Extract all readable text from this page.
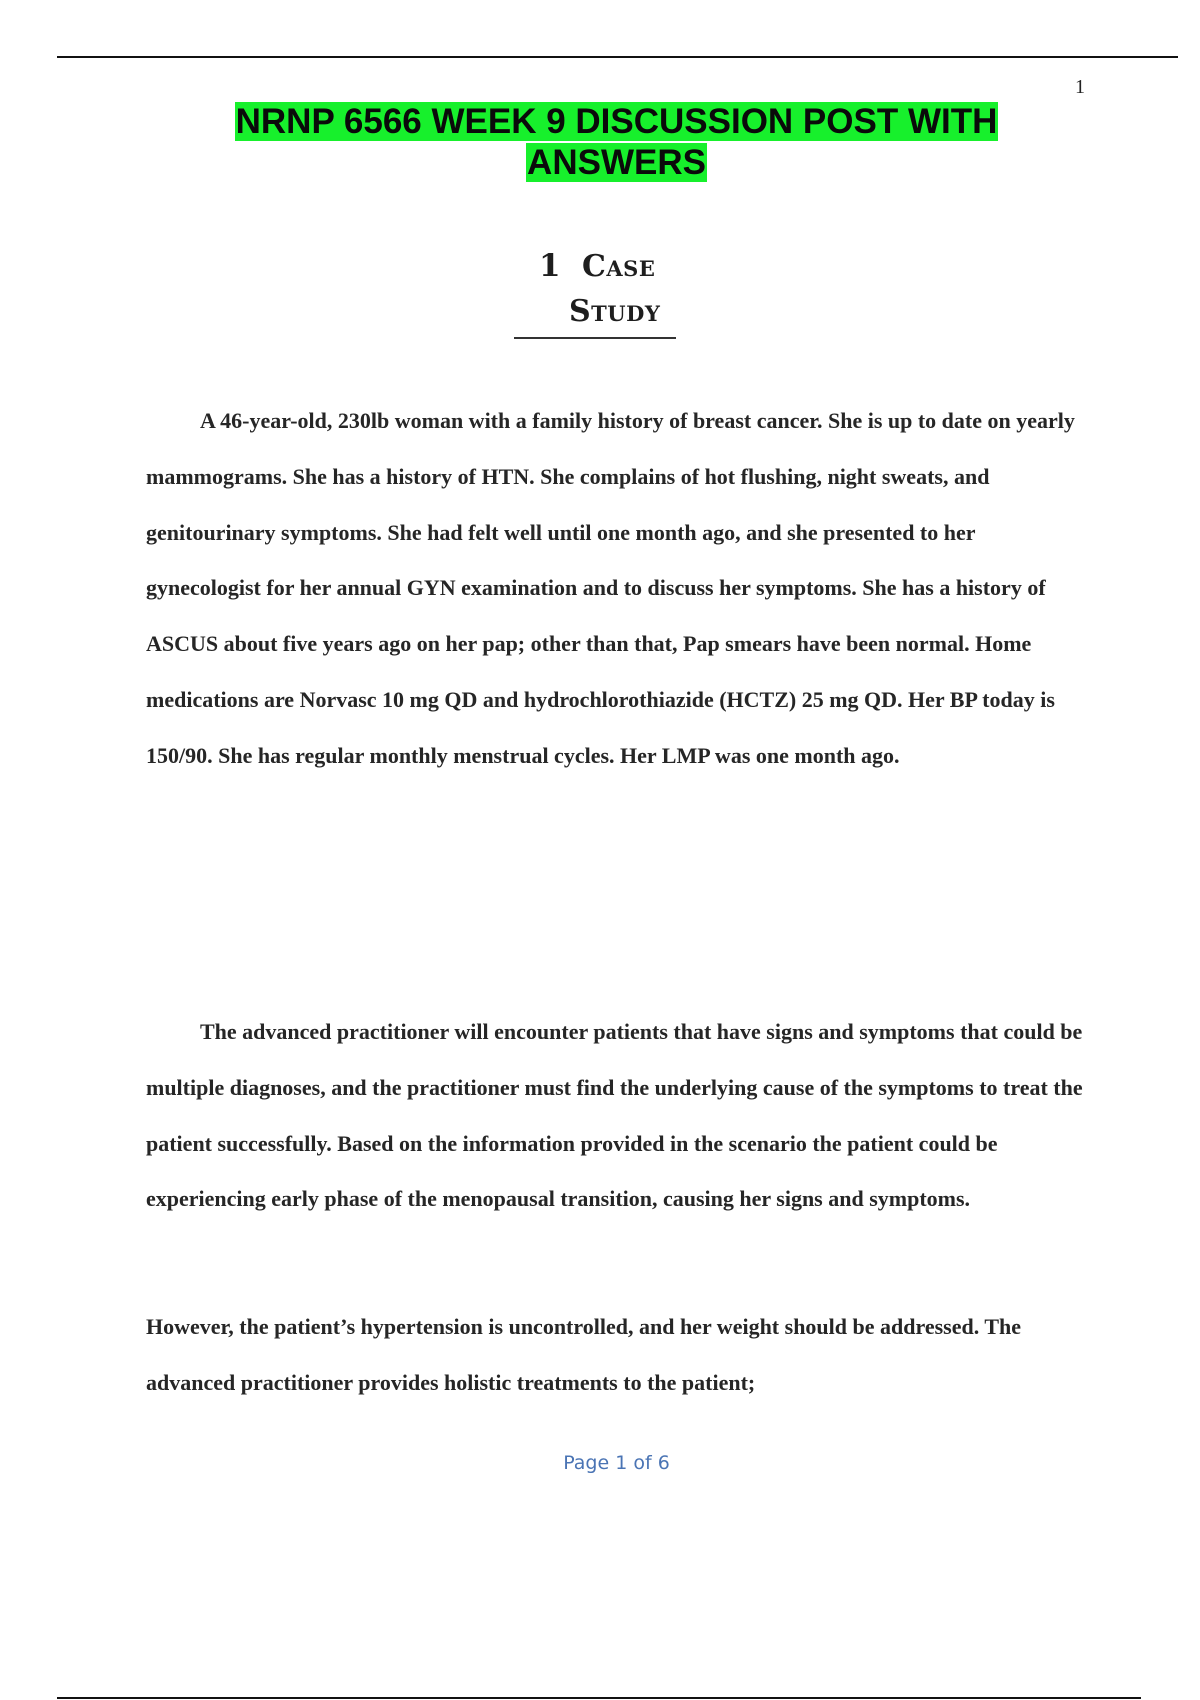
1
NRNP 6566 WEEK 9 DISCUSSION POST WITH
ANSWERS
1 Case
Study

A 46-year-old, 230lb woman with a family history of breast cancer. She is up to date on yearly mammograms. She has a history of HTN. She complains of hot flushing, night sweats, and genitourinary symptoms. She had felt well until one month ago, and she presented to her gynecologist for her annual GYN examination and to discuss her symptoms. She has a history of ASCUS about five years ago on her pap; other than that, Pap smears have been normal. Home medications are Norvasc 10 mg QD and hydrochlorothiazide (HCTZ) 25 mg QD. Her BP today is 150/90. She has regular monthly menstrual cycles. Her LMP was one month ago.

The advanced practitioner will encounter patients that have signs and symptoms that could be multiple diagnoses, and the practitioner must find the underlying cause of the symptoms to treat the patient successfully. Based on the information provided in the scenario the patient could be experiencing early phase of the menopausal transition, causing her signs and symptoms.

However, the patient’s hypertension is uncontrolled, and her weight should be addressed. The advanced practitioner provides holistic treatments to the patient;

Page 1 of 6
